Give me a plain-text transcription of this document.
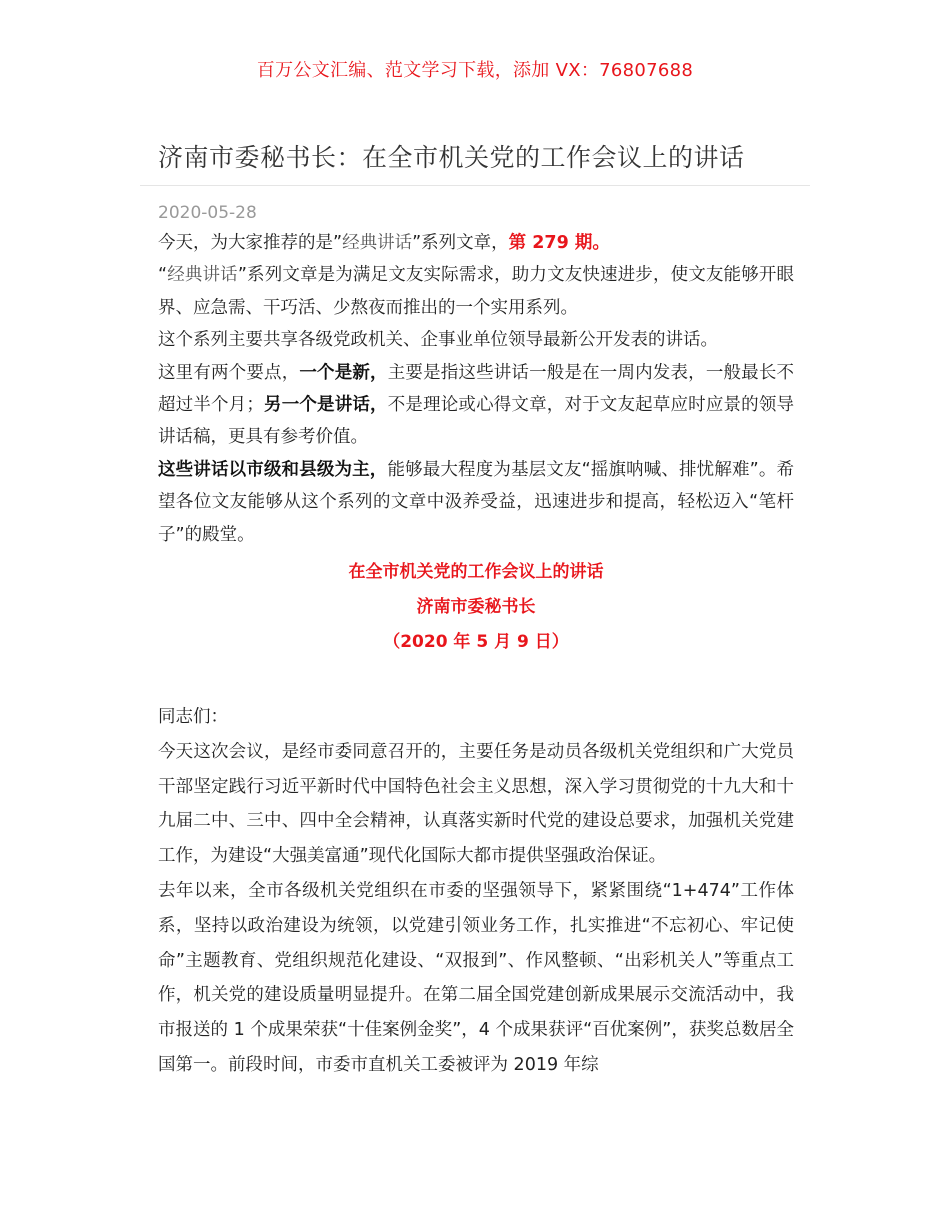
百万公文汇编、范文学习下载，添加 VX：76807688
济南市委秘书长：在全市机关党的工作会议上的讲话
2020-05-28

今天，为大家推荐的是”经典讲话”系列文章，第 279 期。

“经典讲话”系列文章是为满足文友实际需求，助力文友快速进步，使文友能够开眼界、应急需、干巧活、少熬夜而推出的一个实用系列。

这个系列主要共享各级党政机关、企事业单位领导最新公开发表的讲话。

这里有两个要点，一个是新，主要是指这些讲话一般是在一周内发表，一般最长不超过半个月；另一个是讲话，不是理论或心得文章，对于文友起草应时应景的领导讲话稿，更具有参考价值。

这些讲话以市级和县级为主，能够最大程度为基层文友“摇旗呐喊、排忧解难”。希望各位文友能够从这个系列的文章中汲养受益，迅速进步和提高，轻松迈入“笔杆子”的殿堂。

在全市机关党的工作会议上的讲话

济南市委秘书长

（2020 年 5 月 9 日）

同志们：

今天这次会议，是经市委同意召开的，主要任务是动员各级机关党组织和广大党员干部坚定践行习近平新时代中国特色社会主义思想，深入学习贯彻党的十九大和十九届二中、三中、四中全会精神，认真落实新时代党的建设总要求，加强机关党建工作，为建设“大强美富通”现代化国际大都市提供坚强政治保证。

去年以来，全市各级机关党组织在市委的坚强领导下，紧紧围绕“1+474”工作体系，坚持以政治建设为统领，以党建引领业务工作，扎实推进“不忘初心、牢记使命”主题教育、党组织规范化建设、“双报到”、作风整顿、“出彩机关人”等重点工作，机关党的建设质量明显提升。在第二届全国党建创新成果展示交流活动中，我市报送的 1 个成果荣获“十佳案例金奖”，4 个成果获评“百优案例”，获奖总数居全国第一。前段时间，市委市直机关工委被评为 2019 年综
